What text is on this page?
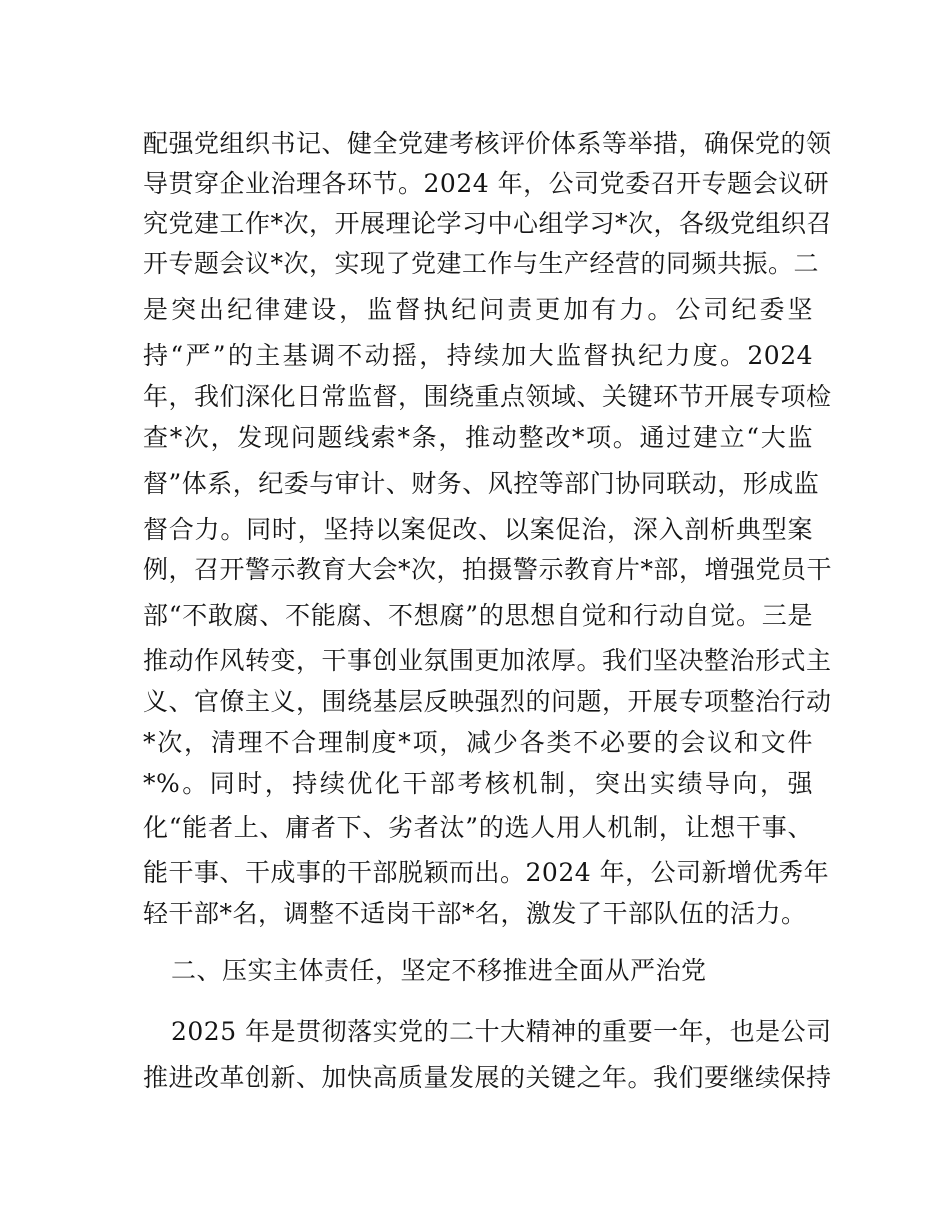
配强党组织书记、健全党建考核评价体系等举措，确保党的领
导贯穿企业治理各环节。2024 年，公司党委召开专题会议研
究党建工作*次，开展理论学习中心组学习*次，各级党组织召
开专题会议*次，实现了党建工作与生产经营的同频共振。二
是突出纪律建设，监督执纪问责更加有力。公司纪委坚
持“严”的主基调不动摇，持续加大监督执纪力度。2024
年，我们深化日常监督，围绕重点领域、关键环节开展专项检
查*次，发现问题线索*条，推动整改*项。通过建立“大监
督”体系，纪委与审计、财务、风控等部门协同联动，形成监
督合力。同时，坚持以案促改、以案促治，深入剖析典型案
例，召开警示教育大会*次，拍摄警示教育片*部，增强党员干
部“不敢腐、不能腐、不想腐”的思想自觉和行动自觉。三是
推动作风转变，干事创业氛围更加浓厚。我们坚决整治形式主
义、官僚主义，围绕基层反映强烈的问题，开展专项整治行动
*次，清理不合理制度*项，减少各类不必要的会议和文件
*%。同时，持续优化干部考核机制，突出实绩导向，强
化“能者上、庸者下、劣者汰”的选人用人机制，让想干事、
能干事、干成事的干部脱颖而出。2024 年，公司新增优秀年
轻干部*名，调整不适岗干部*名，激发了干部队伍的活力。
二、压实主体责任，坚定不移推进全面从严治党
2025 年是贯彻落实党的二十大精神的重要一年，也是公司
推进改革创新、加快高质量发展的关键之年。我们要继续保持
